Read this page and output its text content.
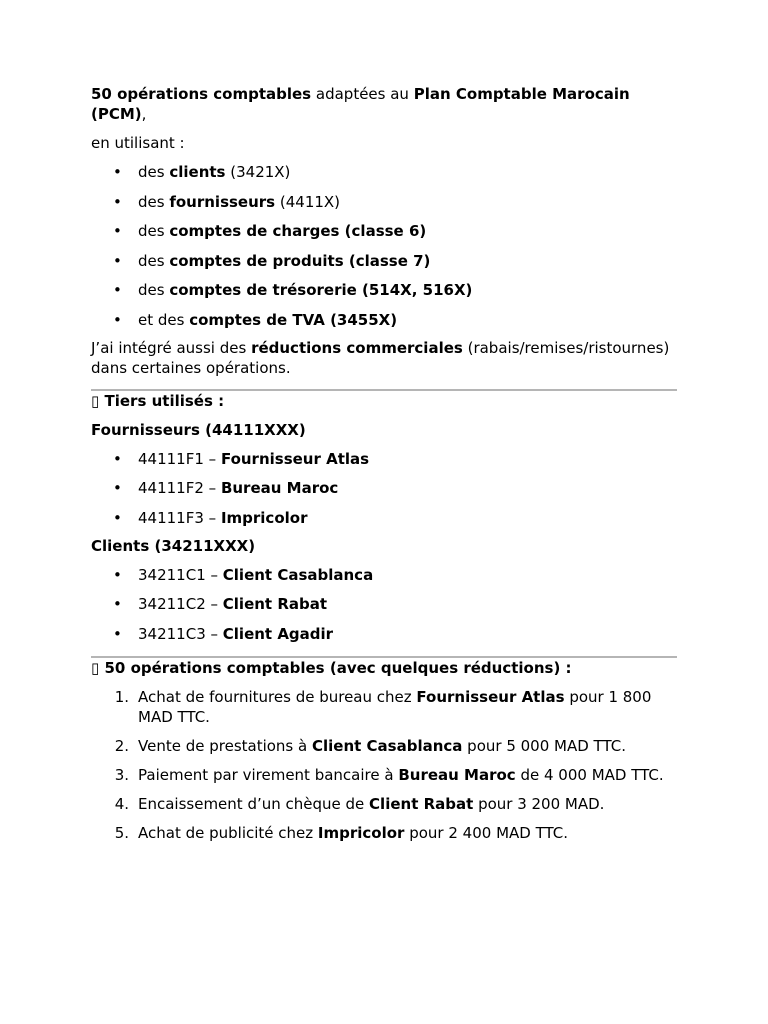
50 opérations comptables adaptées au Plan Comptable Marocain (PCM),

en utilisant :

• des clients (3421X)
• des fournisseurs (4411X)
• des comptes de charges (classe 6)
• des comptes de produits (classe 7)
• des comptes de trésorerie (514X, 516X)
• et des comptes de TVA (3455X)

J’ai intégré aussi des réductions commerciales (rabais/remises/ristournes) dans certaines opérations.

▯ Tiers utilisés :

Fournisseurs (44111XXX)

• 44111F1 – Fournisseur Atlas
• 44111F2 – Bureau Maroc
• 44111F3 – Impricolor

Clients (34211XXX)

• 34211C1 – Client Casablanca
• 34211C2 – Client Rabat
• 34211C3 – Client Agadir

▯ 50 opérations comptables (avec quelques réductions) :

1. Achat de fournitures de bureau chez Fournisseur Atlas pour 1 800 MAD TTC.
2. Vente de prestations à Client Casablanca pour 5 000 MAD TTC.
3. Paiement par virement bancaire à Bureau Maroc de 4 000 MAD TTC.
4. Encaissement d’un chèque de Client Rabat pour 3 200 MAD.
5. Achat de publicité chez Impricolor pour 2 400 MAD TTC.
